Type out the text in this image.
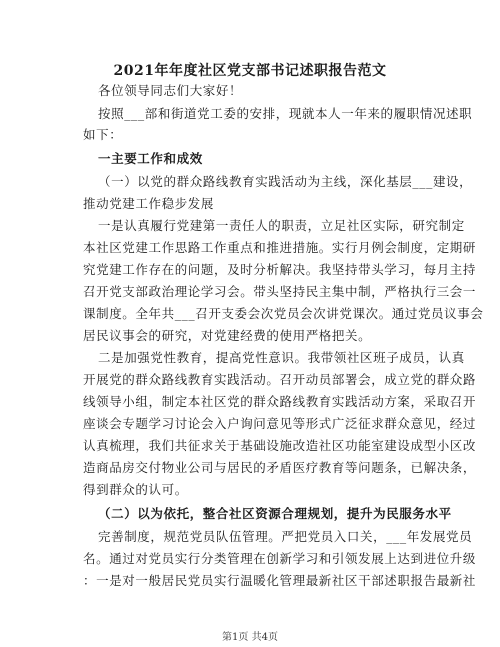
2021年年度社区党支部书记述职报告范文
各位领导同志们大家好！
按照___部和街道党工委的安排，现就本人一年来的履职情况述职
如下：
一主要工作和成效
（一）以党的群众路线教育实践活动为主线，深化基层___建设，
推动党建工作稳步发展
一是认真履行党建第一责任人的职责，立足社区实际，研究制定
本社区党建工作思路工作重点和推进措施。实行月例会制度，定期研
究党建工作存在的问题，及时分析解决。我坚持带头学习，每月主持
召开党支部政治理论学习会。带头坚持民主集中制，严格执行三会一
课制度。全年共___召开支委会次党员会次讲党课次。通过党员议事会
居民议事会的研究，对党建经费的使用严格把关。
二是加强党性教育，提高党性意识。我带领社区班子成员，认真
开展党的群众路线教育实践活动。召开动员部署会，成立党的群众路
线领导小组，制定本社区党的群众路线教育实践活动方案，采取召开
座谈会专题学习讨论会入户询问意见等形式广泛征求群众意见，经过
认真梳理，我们共征求关于基础设施改造社区功能室建设成型小区改
造商品房交付物业公司与居民的矛盾医疗教育等问题条，已解决条，
得到群众的认可。
（二）以为依托，整合社区资源合理规划，提升为民服务水平
完善制度，规范党员队伍管理。严把党员入口关，___年发展党员
名。通过对党员实行分类管理在创新学习和引领发展上达到进位升级
：一是对一般居民党员实行温暖化管理最新社区干部述职报告最新社
第1页 共4页
